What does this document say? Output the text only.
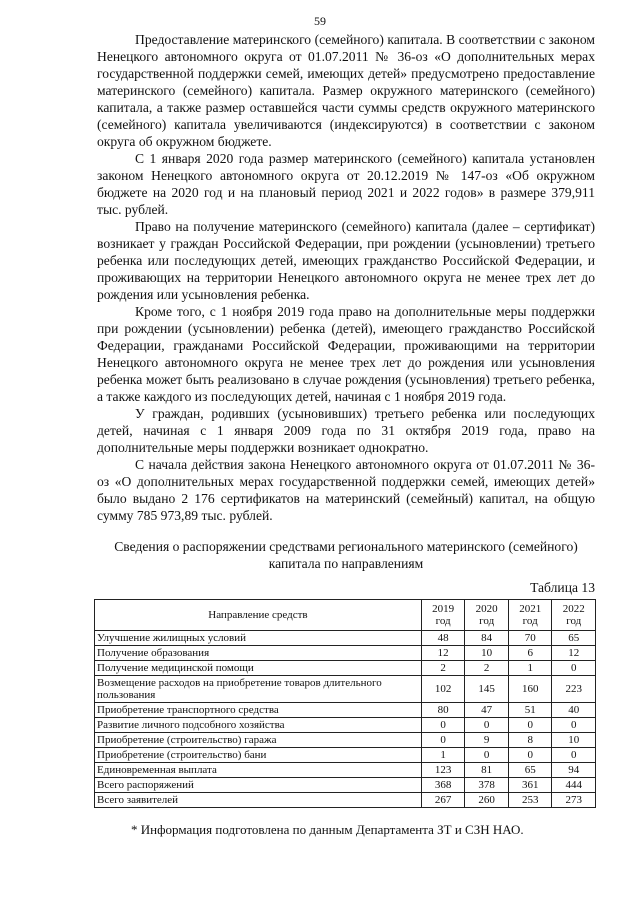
59

Предоставление материнского (семейного) капитала. В соответствии с законом Ненецкого автономного округа от 01.07.2011 № 36-оз «О дополнительных мерах государственной поддержки семей, имеющих детей» предусмотрено предоставление материнского (семейного) капитала. Размер окружного материнского (семейного) капитала, а также размер оставшейся части суммы средств окружного материнского (семейного) капитала увеличиваются (индексируются) в соответствии с законом округа об окружном бюджете.

С 1 января 2020 года размер материнского (семейного) капитала установлен законом Ненецкого автономного округа от 20.12.2019 № 147-оз «Об окружном бюджете на 2020 год и на плановый период 2021 и 2022 годов» в размере 379,911 тыс. рублей.

Право на получение материнского (семейного) капитала (далее – сертификат) возникает у граждан Российской Федерации, при рождении (усыновлении) третьего ребенка или последующих детей, имеющих гражданство Российской Федерации, и проживающих на территории Ненецкого автономного округа не менее трех лет до рождения или усыновления ребенка.

Кроме того, с 1 ноября 2019 года право на дополнительные меры поддержки при рождении (усыновлении) ребенка (детей), имеющего гражданство Российской Федерации, гражданами Российской Федерации, проживающими на территории Ненецкого автономного округа не менее трех лет до рождения или усыновления ребенка может быть реализовано в случае рождения (усыновления) третьего ребенка, а также каждого из последующих детей, начиная с 1 ноября 2019 года.

У граждан, родивших (усыновивших) третьего ребенка или последующих детей, начиная с 1 января 2009 года по 31 октября 2019 года, право на дополнительные меры поддержки возникает однократно.

С начала действия закона Ненецкого автономного округа от 01.07.2011 № 36-оз «О дополнительных мерах государственной поддержки семей, имеющих детей» было выдано 2 176 сертификатов на материнский (семейный) капитал, на общую сумму 785 973,89 тыс. рублей.

Сведения о распоряжении средствами регионального материнского (семейного) капитала по направлениям
Таблица 13
Направление средств	2019 год	2020 год	2021 год	2022 год
Улучшение жилищных условий	48	84	70	65
Получение образования	12	10	6	12
Получение медицинской помощи	2	2	1	0
Возмещение расходов на приобретение товаров длительного пользования	102	145	160	223
Приобретение транспортного средства	80	47	51	40
Развитие личного подсобного хозяйства	0	0	0	0
Приобретение (строительство) гаража	0	9	8	10
Приобретение (строительство) бани	1	0	0	0
Единовременная выплата	123	81	65	94
Всего распоряжений	368	378	361	444
Всего заявителей	267	260	253	273
* Информация подготовлена по данным Департамента ЗТ и СЗН НАО.
